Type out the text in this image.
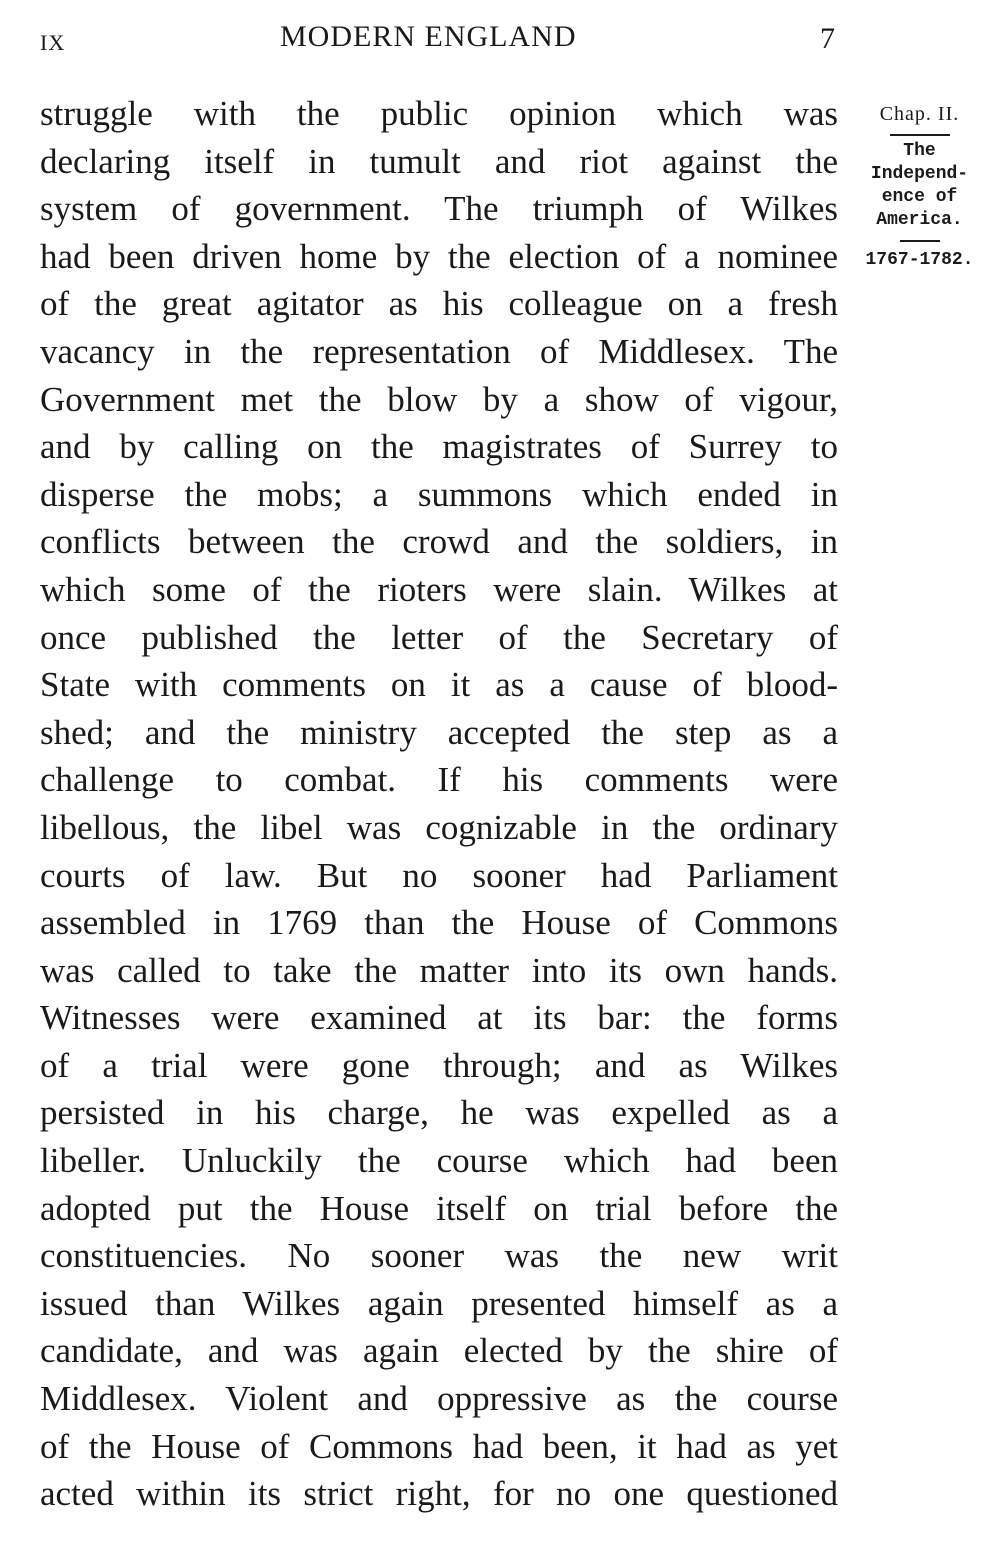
IX	MODERN ENGLAND	7
struggle with the public opinion which was
declaring itself in tumult and riot against the
system of government. The triumph of Wilkes
had been driven home by the election of a nominee
of the great agitator as his colleague on a fresh
vacancy in the representation of Middlesex. The
Government met the blow by a show of vigour,
and by calling on the magistrates of Surrey to
disperse the mobs; a summons which ended in
conflicts between the crowd and the soldiers, in
which some of the rioters were slain. Wilkes at
once published the letter of the Secretary of
State with comments on it as a cause of blood-
shed; and the ministry accepted the step as a
challenge to combat. If his comments were
libellous, the libel was cognizable in the ordinary
courts of law. But no sooner had Parliament
assembled in 1769 than the House of Commons
was called to take the matter into its own hands.
Witnesses were examined at its bar: the forms
of a trial were gone through; and as Wilkes
persisted in his charge, he was expelled as a
libeller. Unluckily the course which had been
adopted put the House itself on trial before the
constituencies. No sooner was the new writ
issued than Wilkes again presented himself as a
candidate, and was again elected by the shire of
Middlesex. Violent and oppressive as the course
of the House of Commons had been, it had as yet
acted within its strict right, for no one questioned
Chap. II.
The
Independ-
ence of
America.
1767-1782.
